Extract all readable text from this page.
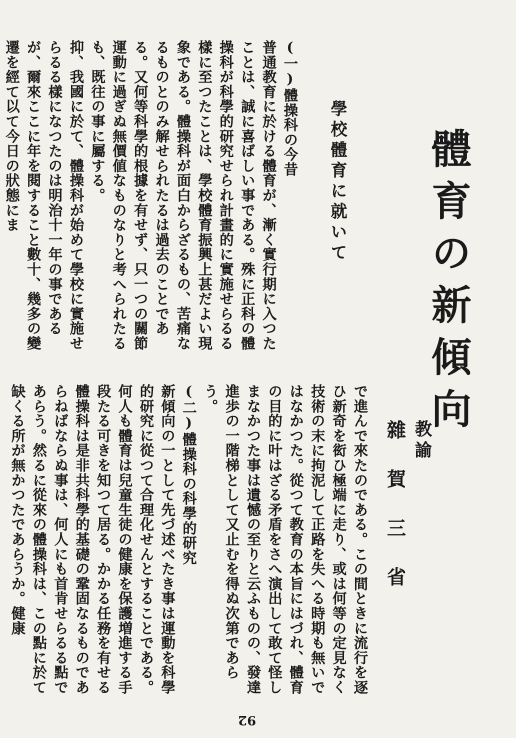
體育の新傾向
教諭
雜賀三省
學校體育に就いて

(一)體操科の今昔

普通教育に於ける體育が、漸く實行期に入つたことは、誠に喜ばしい事である。殊に正科の體操科が科學的研究せられ計畫的に實施せらるる樣に至つたことは、學校體育振興上甚だよい現象である。體操科が面白からざるもの、苦痛なるものとのみ解せられたるは過去のことである。又何等科學的根據を有せず、只一つの關節運動に過ぎぬ無價値なものなりと考へられたるも、既往の事に屬する。

抑、我國に於て、體操科が始めて學校に實施せらるる樣になつたのは明治十一年の事であるが、爾來ここに年を閱すること數十、幾多の變遷を經て以て今日の狀態にま

で進んで來たのである。この間ときに流行を逐ひ新奇を衒ひ極端に走り、或は何等の定見なく技術の末に拘泥して正路を失へる時期も無いではなかつた。從つて教育の本旨にはづれ、體育の目的に叶はざる矛盾をさへ演出して敢て怪しまなかつた事は遺憾の至りと云ふものの、發達進歩の一階梯として又止むを得ぬ次第であらう。

(二)體操科の科學的研究

新傾向の一として先づ述べたき事は運動を科學的研究に從つて合理化せんとすることである。何人も體育は兒童生徒の健康を保護増進する手段たる可きを知つて居る。かかる任務を有せる體操科は是非共科學的基礎の鞏固なるものであらねばならぬ事は、何人にも首肯せらるる點であらう。然るに從來の體操科は、この點に於て缺くる所が無かつたであらうか。健康

92
